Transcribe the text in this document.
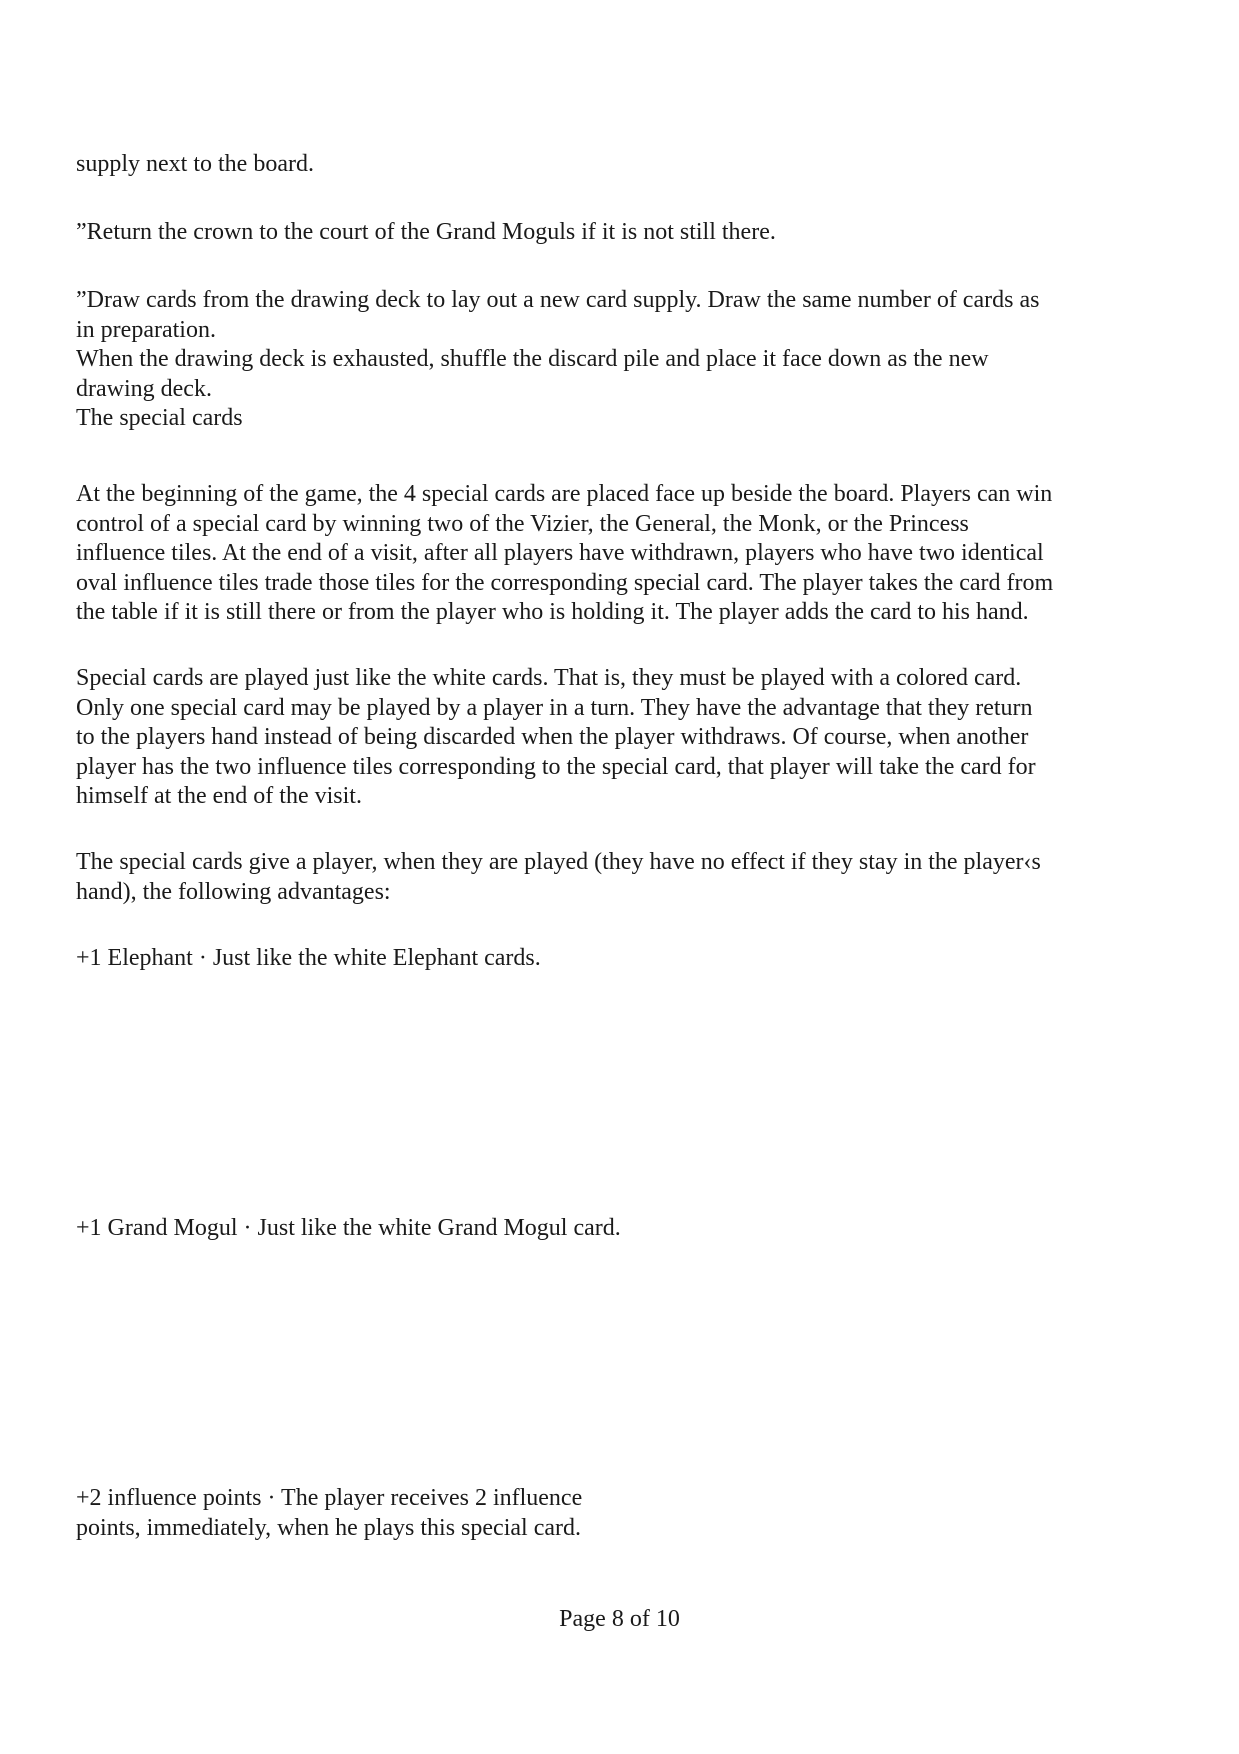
supply next to the board.

”Return the crown to the court of the Grand Moguls if it is not still there.

”Draw cards from the drawing deck to lay out a new card supply. Draw the same number of cards as
in preparation.
When the drawing deck is exhausted, shuffle the discard pile and place it face down as the new
drawing deck.
The special cards

At the beginning of the game, the 4 special cards are placed face up beside the board. Players can win
control of a special card by winning two of the Vizier, the General, the Monk, or the Princess
influence tiles. At the end of a visit, after all players have withdrawn, players who have two identical
oval influence tiles trade those tiles for the corresponding special card. The player takes the card from
the table if it is still there or from the player who is holding it. The player adds the card to his hand.

Special cards are played just like the white cards. That is, they must be played with a colored card.
Only one special card may be played by a player in a turn. They have the advantage that they return
to the players hand instead of being discarded when the player withdraws. Of course, when another
player has the two influence tiles corresponding to the special card, that player will take the card for
himself at the end of the visit.

The special cards give a player, when they are played (they have no effect if they stay in the player‹s
hand), the following advantages:

+1 Elephant · Just like the white Elephant cards.

+1 Grand Mogul · Just like the white Grand Mogul card.

+2 influence points · The player receives 2 influence
points, immediately, when he plays this special card.

Page 8 of 10
